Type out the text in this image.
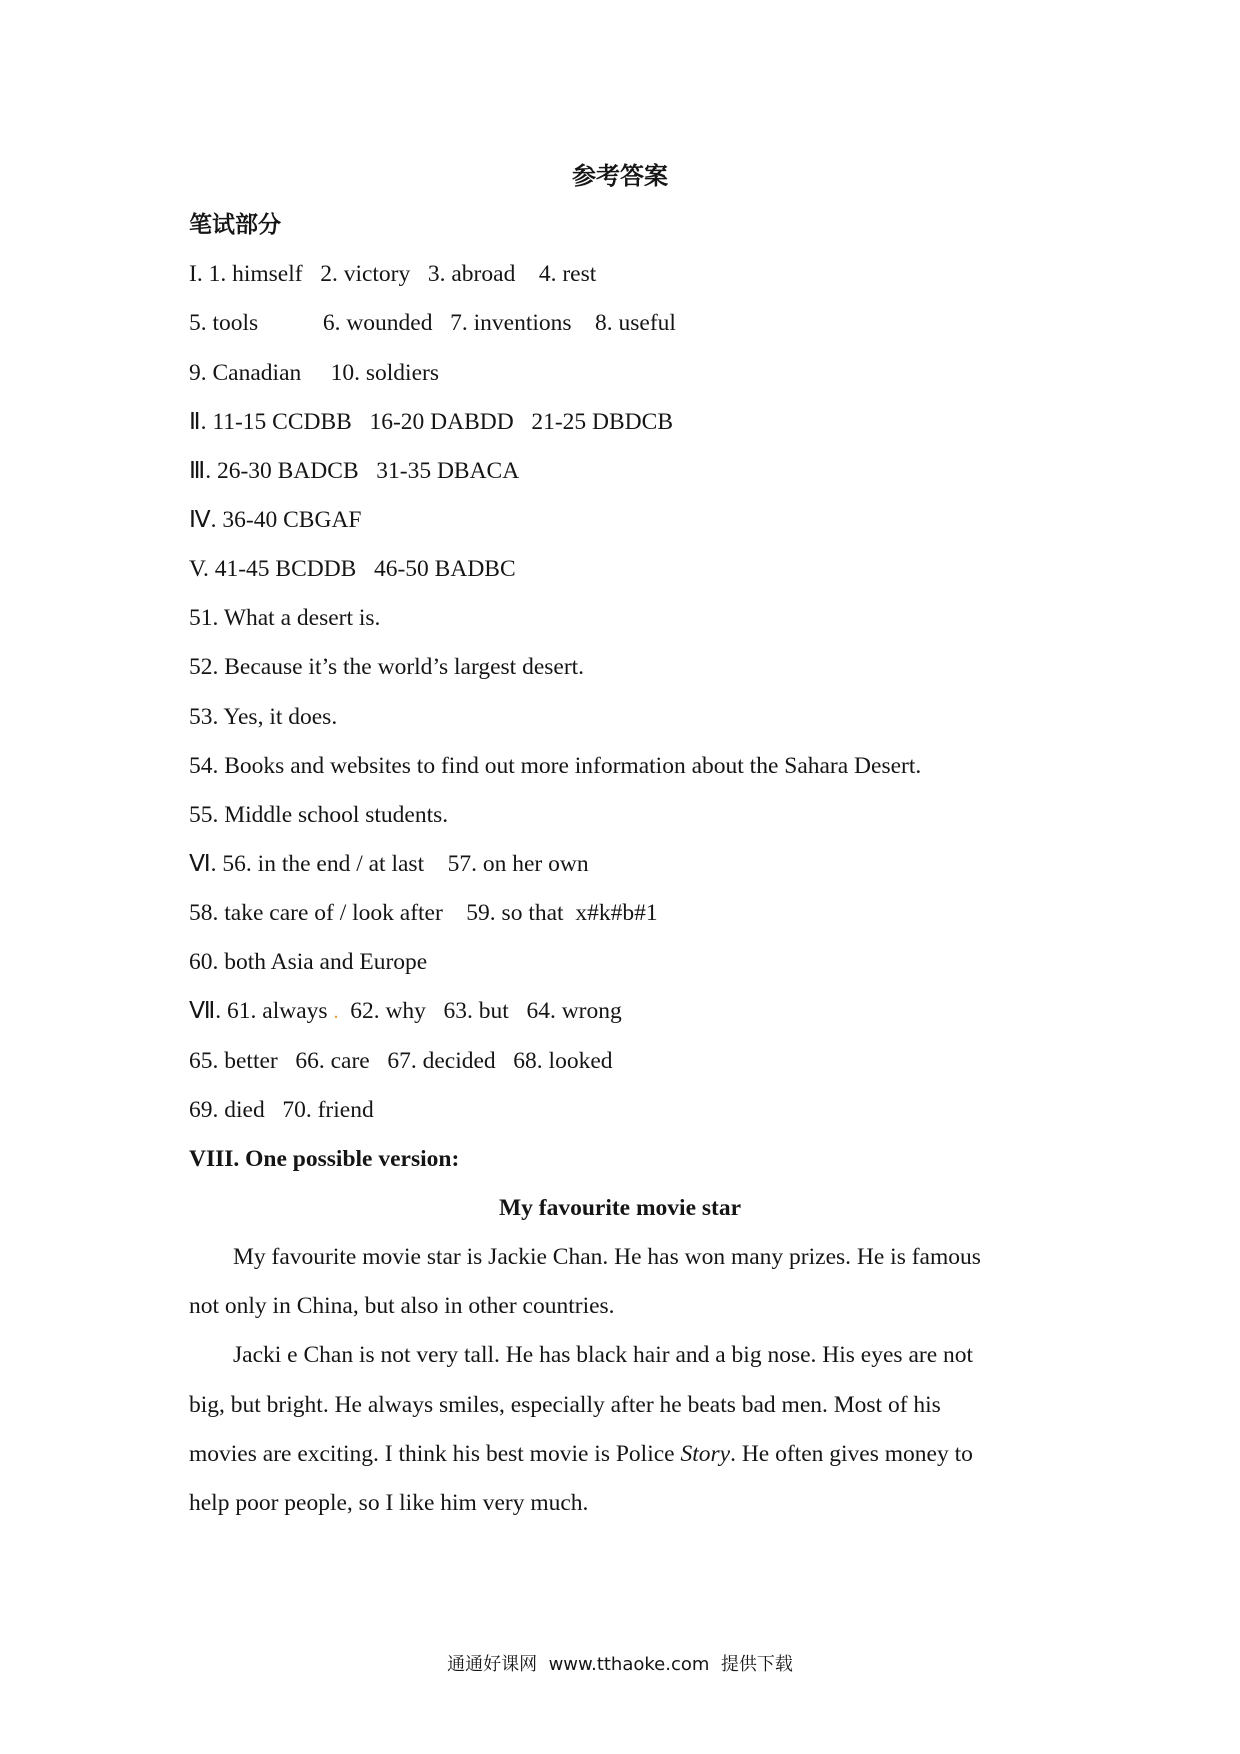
参考答案
笔试部分
I. 1. himself   2. victory   3. abroad    4. rest
5. tools           6. wounded   7. inventions    8. useful
9. Canadian     10. soldiers
Ⅱ. 11-15 CCDBB   16-20 DABDD   21-25 DBDCB
Ⅲ. 26-30 BADCB   31-35 DBACA
Ⅳ. 36-40 CBGAF
V. 41-45 BCDDB   46-50 BADBC
51. What a desert is.
52. Because it’s the world’s largest desert.
53. Yes, it does.
54. Books and websites to find out more information about the Sahara Desert.
55. Middle school students.
Ⅵ. 56. in the end / at last    57. on her own
58. take care of / look after    59. so that  x#k#b#1
60. both Asia and Europe
Ⅶ. 61. always .  62. why   63. but   64. wrong
65. better   66. care   67. decided   68. looked
69. died   70. friend
VIII. One possible version:
My favourite movie star
My favourite movie star is Jackie Chan. He has won many prizes. He is famous
not only in China, but also in other countries.
Jacki e Chan is not very tall. He has black hair and a big nose. His eyes are not
big, but bright. He always smiles, especially after he beats bad men. Most of his
movies are exciting. I think his best movie is Police Story. He often gives money to
help poor people, so I like him very much.
通通好课网  www.tthaoke.com  提供下载
